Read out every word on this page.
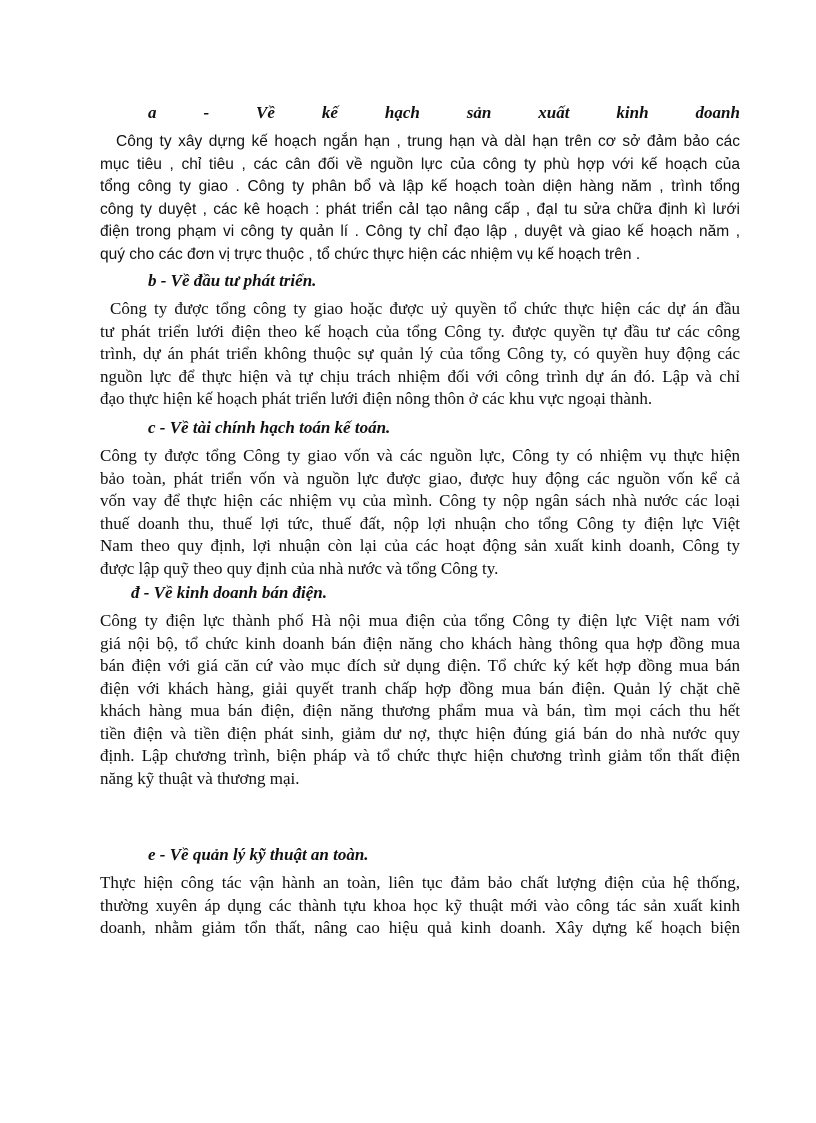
a	-	Về	kế	hạch	sản	xuất	kinh	doanh
Công ty xây dựng kế hoạch ngắn hạn , trung hạn và dàI hạn trên cơ sở đảm bảo các
mục tiêu , chỉ tiêu , các cân đối về nguồn lực của công ty phù hợp với kế hoạch của
tổng công ty giao . Công ty phân bổ và lập kế hoạch toàn diện hàng năm , trình tổng
công ty duyệt , các kê hoạch : phát triển cảI tạo nâng cấp , đạI tu sửa chữa định kì lưới
điện trong phạm vi công ty quản lí . Công ty chỉ đạo lập , duyệt và giao kế hoạch năm ,
quý cho các đơn vị trực thuộc , tổ chức thực hiện các nhiệm vụ kế hoạch trên .
b - Về đầu tư phát triển.
Công ty được tổng công ty giao hoặc được uỷ quyền tổ chức thực hiện các dự án đầu
tư phát triển lưới điện theo kế hoạch của tổng Công ty. được quyền tự đầu tư các công
trình, dự án phát triển không thuộc sự quản lý của tổng Công ty, có quyền huy động các
nguồn lực để thực hiện và tự chịu trách nhiệm đối với công trình dự án đó. Lập và chỉ
đạo thực hiện kế hoạch phát triển lưới điện nông thôn ở các khu vực ngoại thành.
c - Về tài chính hạch toán kế toán.
Công ty được tổng Công ty giao vốn và các nguồn lực, Công ty có nhiệm vụ thực hiện
bảo toàn, phát triển vốn và nguồn lực được giao, được huy động các nguồn vốn kể cả
vốn vay để thực hiện các nhiệm vụ của mình. Công ty nộp ngân sách nhà nước các loại
thuế doanh thu, thuế lợi tức, thuế đất, nộp lợi nhuận cho tổng Công ty điện lực Việt
Nam theo quy định, lợi nhuận còn lại của các hoạt động sản xuất kinh doanh, Công ty
được lập quỹ theo quy định của nhà nước và tổng Công ty.
đ - Về kinh doanh bán điện.
Công ty điện lực thành phố Hà nội mua điện của tổng Công ty điện lực Việt nam với
giá nội bộ, tổ chức kinh doanh bán điện năng cho khách hàng thông qua hợp đồng mua
bán điện với giá căn cứ vào mục đích sử dụng điện. Tổ chức ký kết hợp đồng mua bán
điện với khách hàng, giải quyết tranh chấp hợp đồng mua bán điện. Quản lý chặt chẽ
khách hàng mua bán điện, điện năng thương phẩm mua và bán, tìm mọi cách thu hết
tiền điện và tiền điện phát sinh, giảm dư nợ, thực hiện đúng giá bán do nhà nước quy
định. Lập chương trình, biện pháp và tổ chức thực hiện chương trình giảm tổn thất điện
năng kỹ thuật và thương mại.
e - Về quản lý kỹ thuật an toàn.
Thực hiện công tác vận hành an toàn, liên tục đảm bảo chất lượng điện của hệ thống,
thường xuyên áp dụng các thành tựu khoa học kỹ thuật mới vào công tác sản xuất kinh
doanh, nhằm giảm tổn thất, nâng cao hiệu quả kinh doanh. Xây dựng kế hoạch biện
